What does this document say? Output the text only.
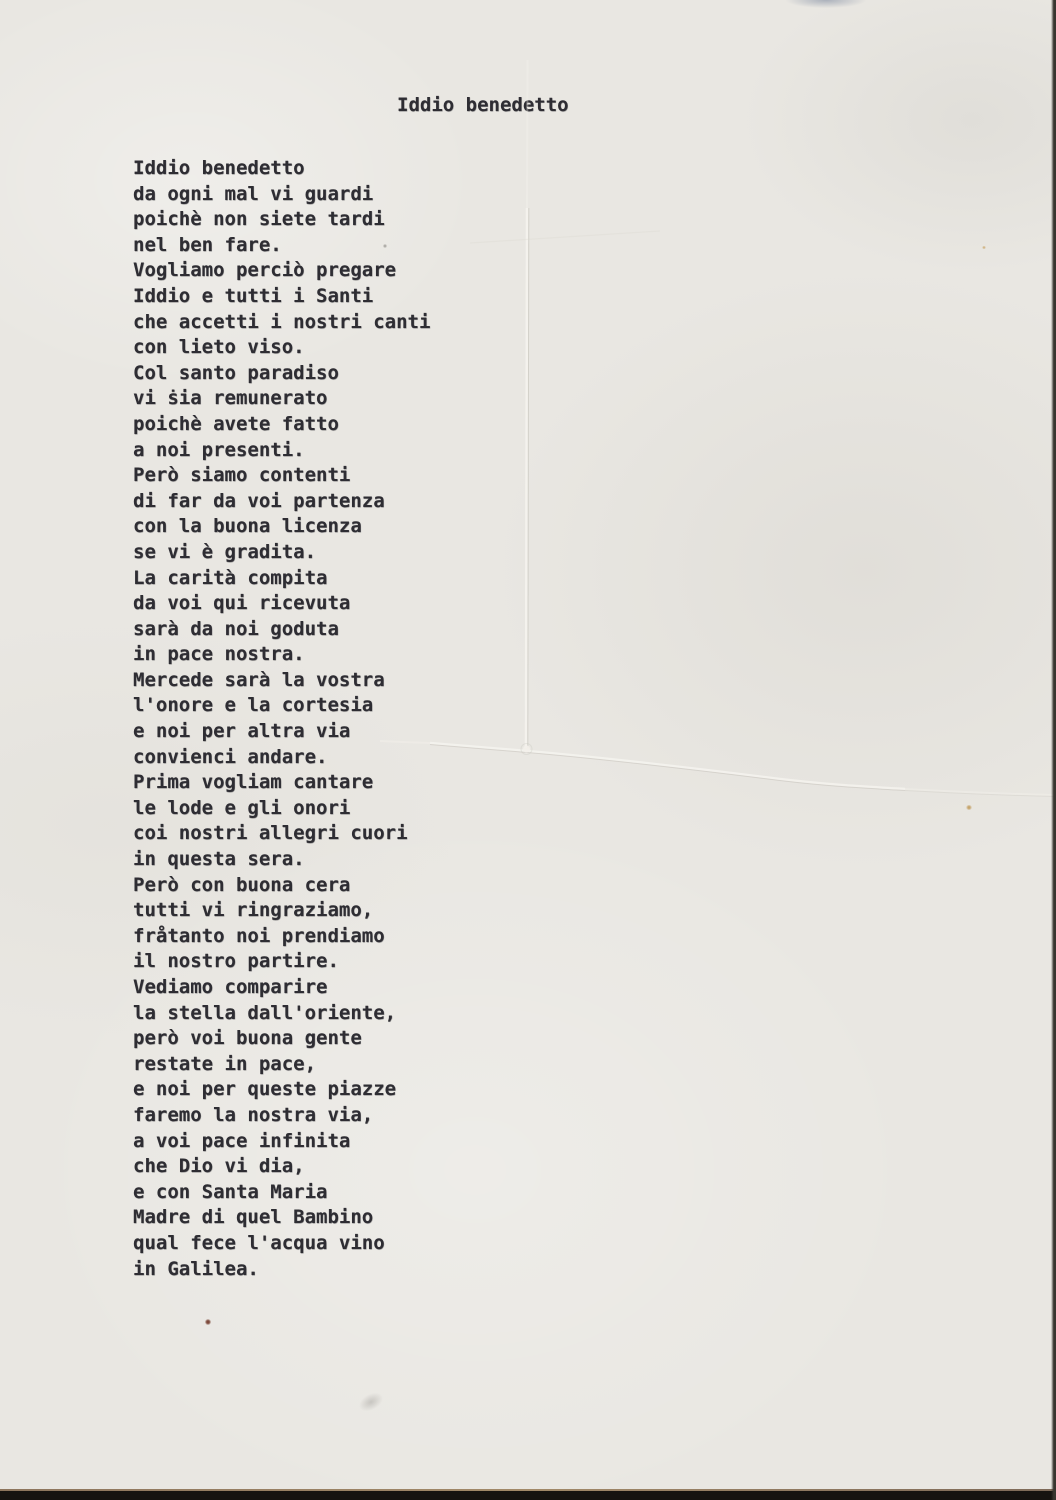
Iddio benedetto
Iddio benedetto
da ogni mal vi guardi
poichè non siete tardi
nel ben fare.
Vogliamo perciò pregare
Iddio e tutti i Santi
che accetti i nostri canti
con lieto viso.
Col santo paradiso
vi ṡia remunerato
poichè avete fatto
a noi presenti.
Però siamo contenti
di far da voi partenza
con la buona licenza
se vi è gradita.
La carità compita
da voi qui ricevuta
sarà da noi goduta
in pace nostra.
Mercede sarà la vostra
l'onore e la cortesia
e noi per altra via
convienci andare.
Prima vogliam cantare
le lode e gli onori
coi nostri allegri cuori
in questa sera.
Però con buona cera
tutti vi ringraziamo,
fråtanto noi prendiamo
il nostro partire.
Vediamo comparire
la stella dall'oriente,
però voi buona gente
restate in pace,
e noi per queste piazze
faremo la nostra via,
a voi pace infinita
che Dio vi dia,
e con Santa Maria
Madre di quel Bambino
qual fece l'acqua vino
in Galilea.
